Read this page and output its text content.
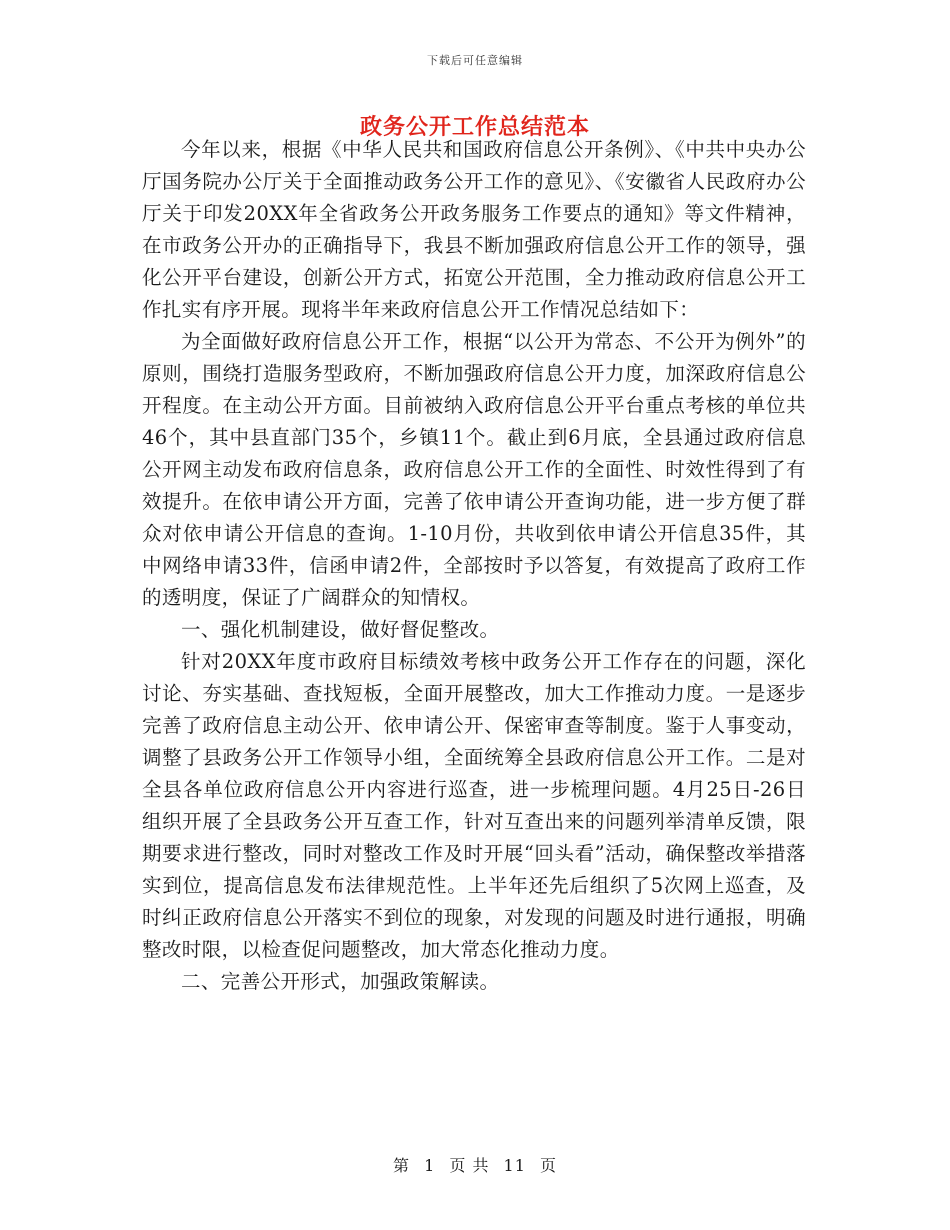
下载后可任意编辑
政务公开工作总结范本

今年以来，根据《中华人民共和国政府信息公开条例》、《中共中央办公厅国务院办公厅关于全面推动政务公开工作的意见》、《安徽省人民政府办公厅关于印发20XX年全省政务公开政务服务工作要点的通知》等文件精神，在市政务公开办的正确指导下，我县不断加强政府信息公开工作的领导，强化公开平台建设，创新公开方式，拓宽公开范围，全力推动政府信息公开工作扎实有序开展。现将半年来政府信息公开工作情况总结如下：

为全面做好政府信息公开工作，根据“以公开为常态、不公开为例外”的原则，围绕打造服务型政府，不断加强政府信息公开力度，加深政府信息公开程度。在主动公开方面。目前被纳入政府信息公开平台重点考核的单位共46个，其中县直部门35个，乡镇11个。截止到6月底，全县通过政府信息公开网主动发布政府信息条，政府信息公开工作的全面性、时效性得到了有效提升。在依申请公开方面，完善了依申请公开查询功能，进一步方便了群众对依申请公开信息的查询。1-10月份，共收到依申请公开信息35件，其中网络申请33件，信函申请2件，全部按时予以答复，有效提高了政府工作的透明度，保证了广阔群众的知情权。

一、强化机制建设，做好督促整改。

针对20XX年度市政府目标绩效考核中政务公开工作存在的问题，深化讨论、夯实基础、查找短板，全面开展整改，加大工作推动力度。一是逐步完善了政府信息主动公开、依申请公开、保密审查等制度。鉴于人事变动，调整了县政务公开工作领导小组，全面统筹全县政府信息公开工作。二是对全县各单位政府信息公开内容进行巡查，进一步梳理问题。4月25日-26日组织开展了全县政务公开互查工作，针对互查出来的问题列举清单反馈，限期要求进行整改，同时对整改工作及时开展“回头看”活动，确保整改举措落实到位，提高信息发布法律规范性。上半年还先后组织了5次网上巡查，及时纠正政府信息公开落实不到位的现象，对发现的问题及时进行通报，明确整改时限，以检查促问题整改，加大常态化推动力度。

二、完善公开形式，加强政策解读。

第 1 页 共 11 页
